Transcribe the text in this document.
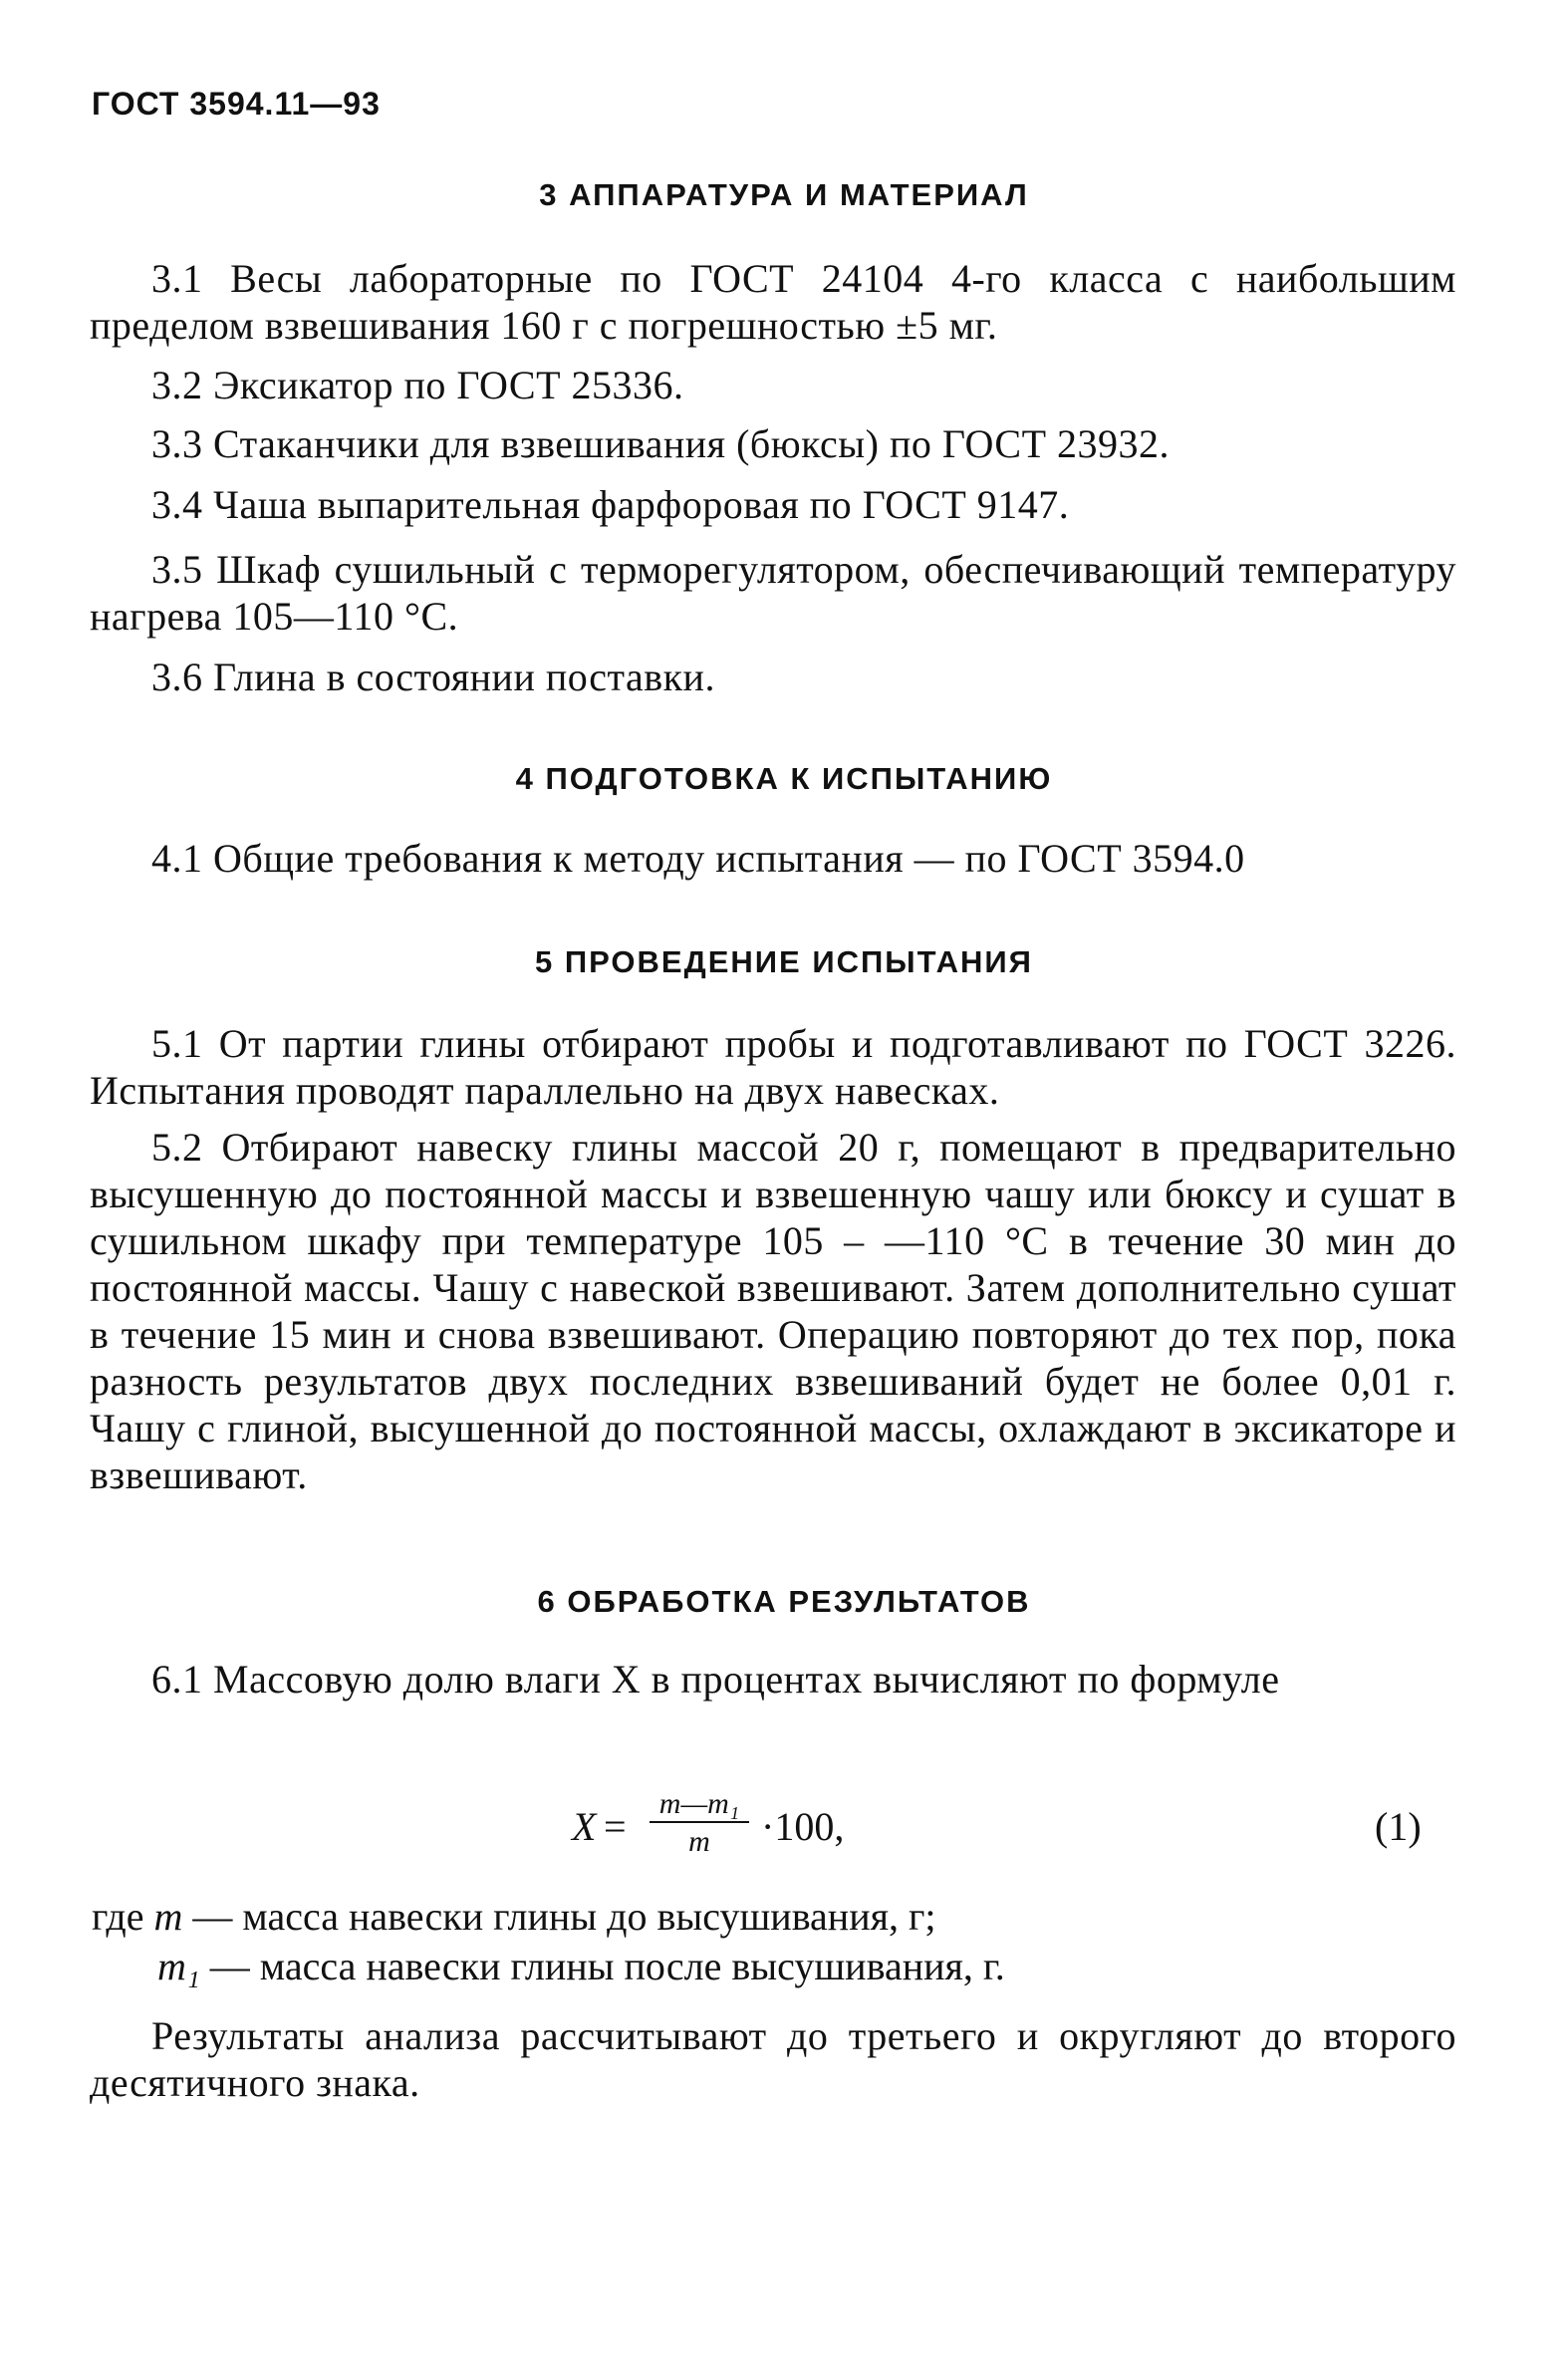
ГОСТ 3594.11—93
3 АППАРАТУРА И МАТЕРИАЛ
3.1 Весы лабораторные по ГОСТ 24104 4-го класса с наибольшим пределом взвешивания 160 г с погрешностью ±5 мг.
3.2 Эксикатор по ГОСТ 25336.
3.3 Стаканчики для взвешивания (бюксы) по ГОСТ 23932.
3.4 Чаша выпарительная фарфоровая по ГОСТ 9147.
3.5 Шкаф сушильный с терморегулятором, обеспечивающий температуру нагрева 105—110 °С.
3.6 Глина в состоянии поставки.
4 ПОДГОТОВКА К ИСПЫТАНИЮ
4.1 Общие требования к методу испытания — по ГОСТ 3594.0
5 ПРОВЕДЕНИЕ ИСПЫТАНИЯ
5.1 От партии глины отбирают пробы и подготавливают по ГОСТ 3226. Испытания проводят параллельно на двух навесках.
5.2 Отбирают навеску глины массой 20 г, помещают в предварительно высушенную до постоянной массы и взвешенную чашу или бюксу и сушат в сушильном шкафу при температуре 105 – —110 °С в течение 30 мин до постоянной массы. Чашу с навеской взвешивают. Затем дополнительно сушат в течение 15 мин и снова взвешивают. Операцию повторяют до тех пор, пока разность результатов двух последних взвешиваний будет не более 0,01 г. Чашу с глиной, высушенной до постоянной массы, охлаждают в эксикаторе и взвешивают.
6 ОБРАБОТКА РЕЗУЛЬТАТОВ
6.1 Массовую долю влаги X в процентах вычисляют по формуле
X =
m—m₁
m	·100,	(1)
где m — масса навески глины до высушивания, г;
m₁ — масса навески глины после высушивания, г.
Результаты анализа рассчитывают до третьего и округляют до второго десятичного знака.
